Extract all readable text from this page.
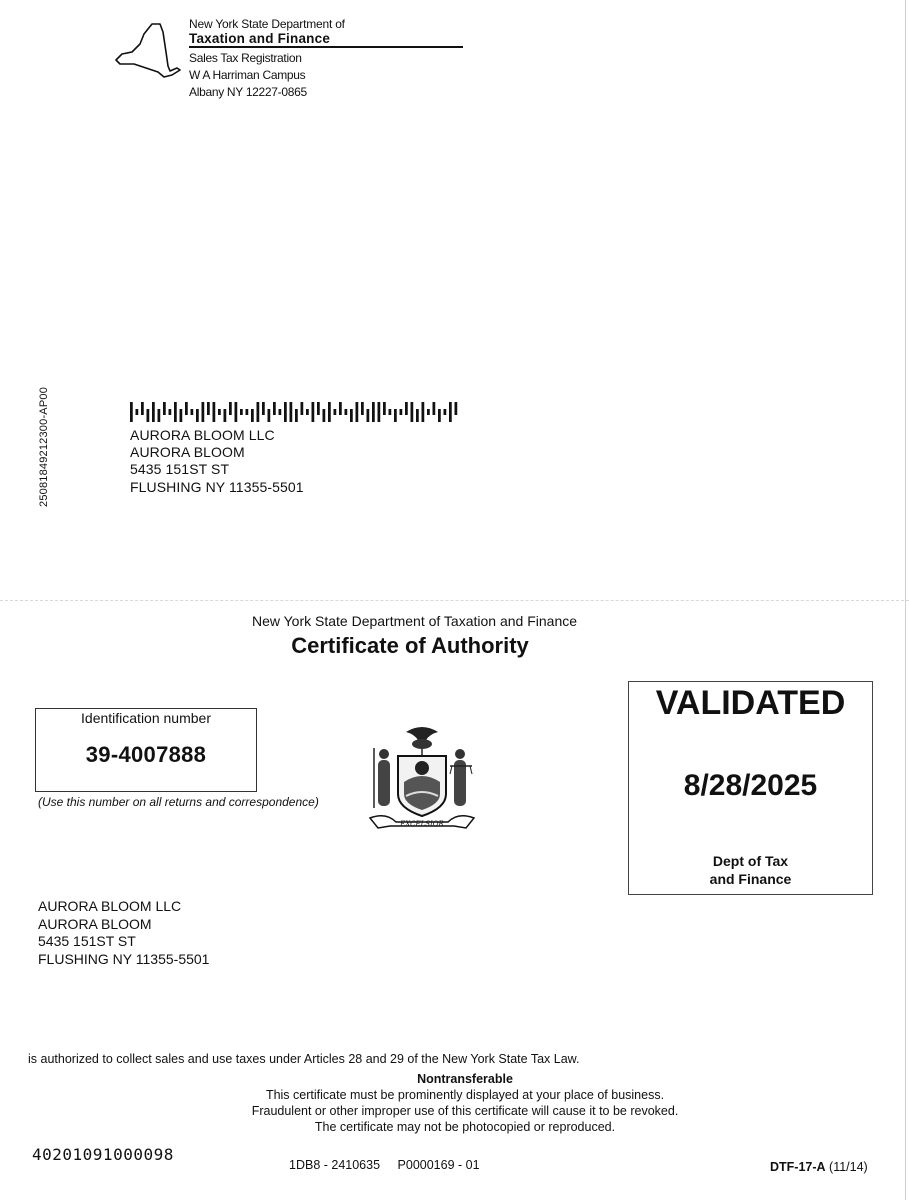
New York State Department of
Taxation and Finance
Sales Tax Registration
W A Harriman Campus
Albany NY 12227-0865
2508184921230​0-AP00	AURORA BLOOM LLC
AURORA BLOOM
5435 151ST ST
FLUSHING NY 11355-5501
New York State Department of Taxation and Finance
Certificate of Authority
Identification number
39-4007888
(Use this number on all returns and correspondence)
EXCELSIOR
VALIDATED
8/28/2025
Dept of Tax
and Finance
AURORA BLOOM LLC
AURORA BLOOM
5435 151ST ST
FLUSHING NY 11355-5501
is authorized to collect sales and use taxes under Articles 28 and 29 of the New York State Tax Law.
Nontransferable
This certificate must be prominently displayed at your place of business.
Fraudulent or other improper use of this certificate will cause it to be revoked.
The certificate may not be photocopied or reproduced.
40201091000098
1DB8 - 2410635 P0000169 - 01	DTF-17-A (11/14)
